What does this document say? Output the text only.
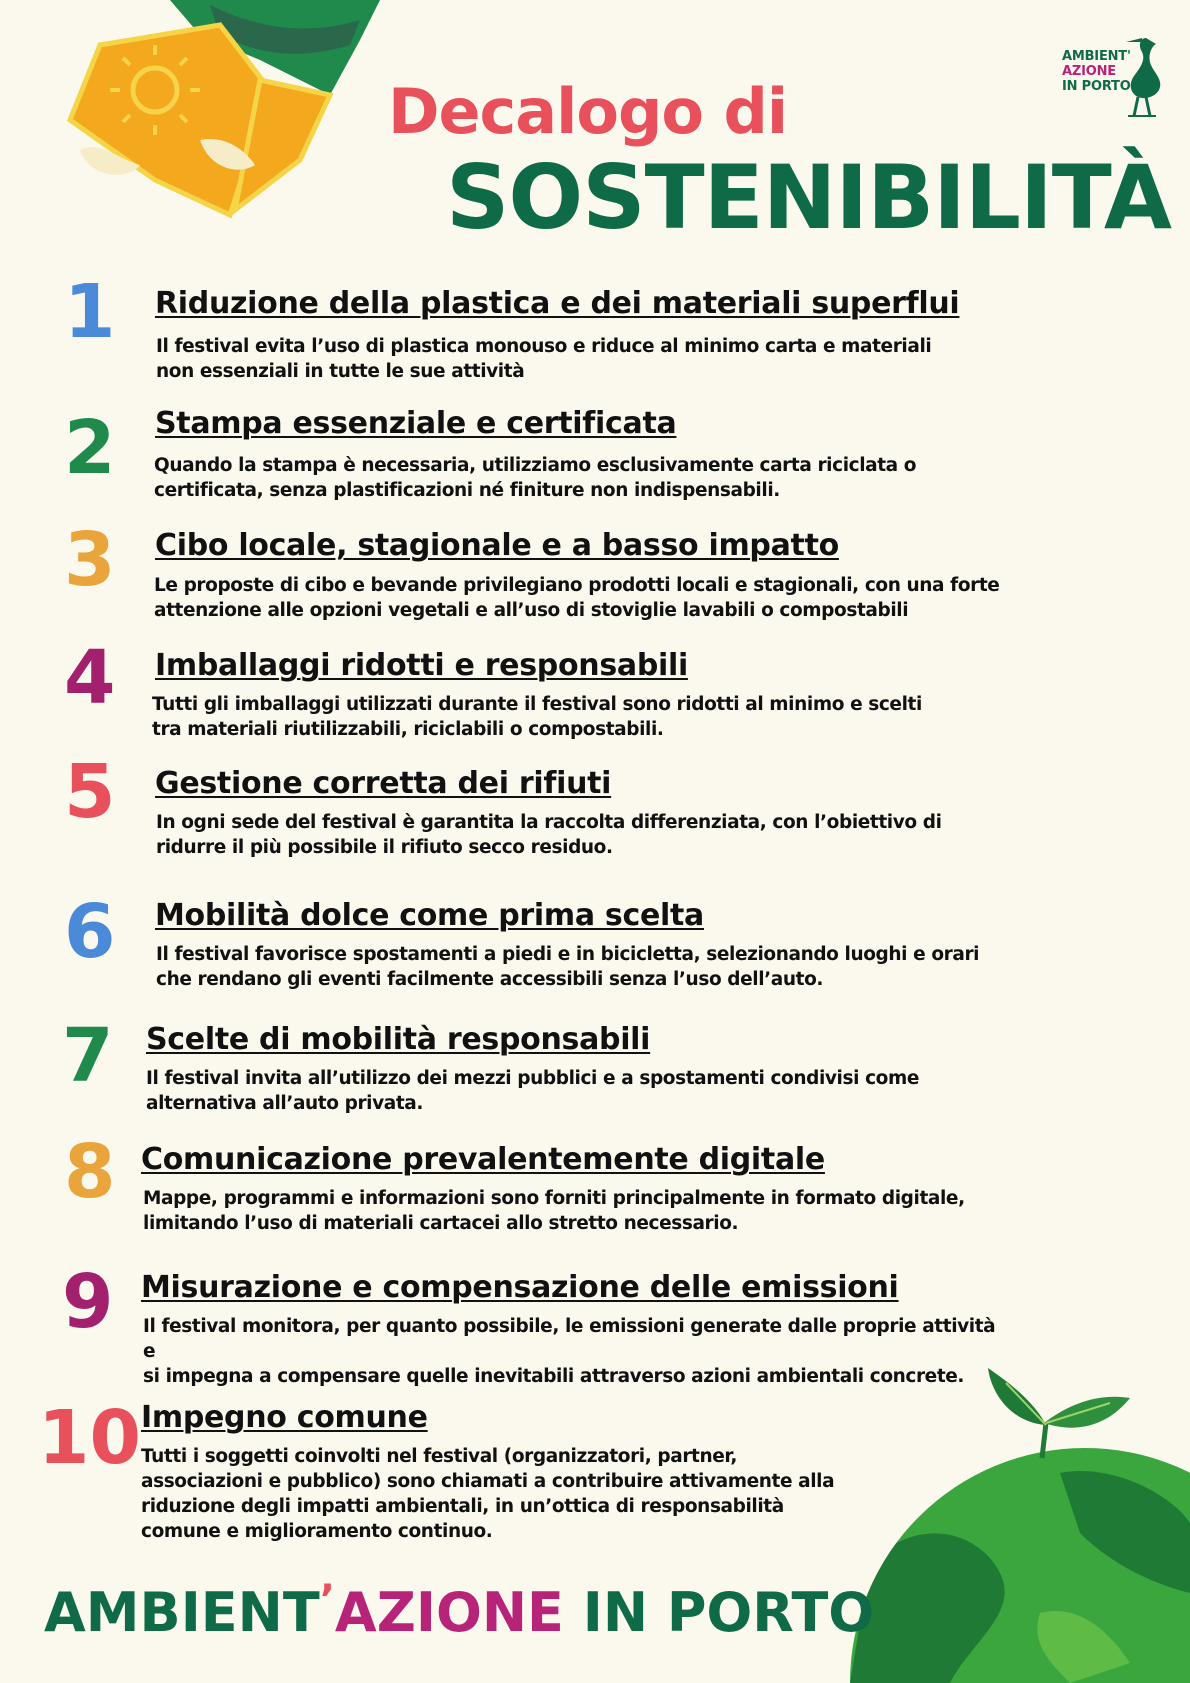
AMBIENT'
AZIONE
IN PORTO
Decalogo di
SOSTENIBILITÀ
1 Riduzione della plastica e dei materiali superflui

Il festival evita l’uso di plastica monouso e riduce al minimo carta e materiali
non essenziali in tutte le sue attività

2 Stampa essenziale e certificata

Quando la stampa è necessaria, utilizziamo esclusivamente carta riciclata o
certificata, senza plastificazioni né finiture non indispensabili.

3 Cibo locale, stagionale e a basso impatto

Le proposte di cibo e bevande privilegiano prodotti locali e stagionali, con una forte
attenzione alle opzioni vegetali e all’uso di stoviglie lavabili o compostabili

4 Imballaggi ridotti e responsabili

Tutti gli imballaggi utilizzati durante il festival sono ridotti al minimo e scelti
tra materiali riutilizzabili, riciclabili o compostabili.

5 Gestione corretta dei rifiuti

In ogni sede del festival è garantita la raccolta differenziata, con l’obiettivo di
ridurre il più possibile il rifiuto secco residuo.

6 Mobilità dolce come prima scelta

Il festival favorisce spostamenti a piedi e in bicicletta, selezionando luoghi e orari
che rendano gli eventi facilmente accessibili senza l’uso dell’auto.

7 Scelte di mobilità responsabili

Il festival invita all’utilizzo dei mezzi pubblici e a spostamenti condivisi come
alternativa all’auto privata.

8 Comunicazione prevalentemente digitale

Mappe, programmi e informazioni sono forniti principalmente in formato digitale,
limitando l’uso di materiali cartacei allo stretto necessario.

9 Misurazione e compensazione delle emissioni

Il festival monitora, per quanto possibile, le emissioni generate dalle proprie attività e
si impegna a compensare quelle inevitabili attraverso azioni ambientali concrete.

10 Impegno comune

Tutti i soggetti coinvolti nel festival (organizzatori, partner,
associazioni e pubblico) sono chiamati a contribuire attivamente alla
riduzione degli impatti ambientali, in un’ottica di responsabilità
comune e miglioramento continuo.

AMBIENT’AZIONE IN PORTO
